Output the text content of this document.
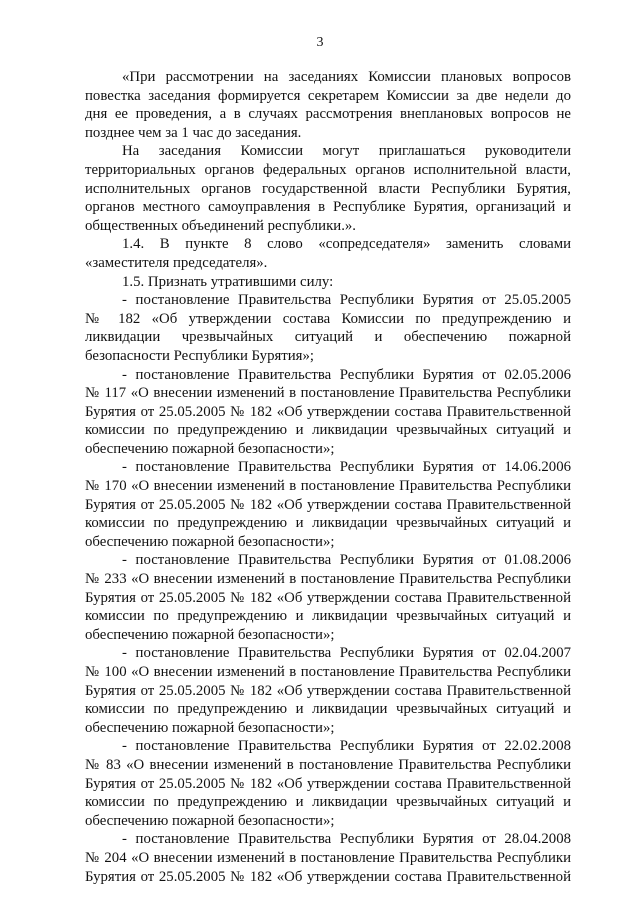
3
«При рассмотрении на заседаниях Комиссии плановых вопросов
повестка заседания формируется секретарем Комиссии за две недели до
дня ее проведения, а в случаях рассмотрения внеплановых вопросов не
позднее чем за 1 час до заседания.
На заседания Комиссии могут приглашаться руководители
территориальных органов федеральных органов исполнительной власти,
исполнительных органов государственной власти Республики Бурятия,
органов местного самоуправления в Республике Бурятия, организаций и
общественных объединений республики.».
1.4. В пункте 8 слово «сопредседателя» заменить словами
«заместителя председателя».
1.5. Признать утратившими силу:
- постановление Правительства Республики Бурятия от 25.05.2005
№ 182 «Об утверждении состава Комиссии по предупреждению и
ликвидации чрезвычайных ситуаций и обеспечению пожарной
безопасности Республики Бурятия»;
- постановление Правительства Республики Бурятия от 02.05.2006
№ 117 «О внесении изменений в постановление Правительства Республики
Бурятия от 25.05.2005 № 182 «Об утверждении состава Правительственной
комиссии по предупреждению и ликвидации чрезвычайных ситуаций и
обеспечению пожарной безопасности»;
- постановление Правительства Республики Бурятия от 14.06.2006
№ 170 «О внесении изменений в постановление Правительства Республики
Бурятия от 25.05.2005 № 182 «Об утверждении состава Правительственной
комиссии по предупреждению и ликвидации чрезвычайных ситуаций и
обеспечению пожарной безопасности»;
- постановление Правительства Республики Бурятия от 01.08.2006
№ 233 «О внесении изменений в постановление Правительства Республики
Бурятия от 25.05.2005 № 182 «Об утверждении состава Правительственной
комиссии по предупреждению и ликвидации чрезвычайных ситуаций и
обеспечению пожарной безопасности»;
- постановление Правительства Республики Бурятия от 02.04.2007
№ 100 «О внесении изменений в постановление Правительства Республики
Бурятия от 25.05.2005 № 182 «Об утверждении состава Правительственной
комиссии по предупреждению и ликвидации чрезвычайных ситуаций и
обеспечению пожарной безопасности»;
- постановление Правительства Республики Бурятия от 22.02.2008
№ 83 «О внесении изменений в постановление Правительства Республики
Бурятия от 25.05.2005 № 182 «Об утверждении состава Правительственной
комиссии по предупреждению и ликвидации чрезвычайных ситуаций и
обеспечению пожарной безопасности»;
- постановление Правительства Республики Бурятия от 28.04.2008
№ 204 «О внесении изменений в постановление Правительства Республики
Бурятия от 25.05.2005 № 182 «Об утверждении состава Правительственной
